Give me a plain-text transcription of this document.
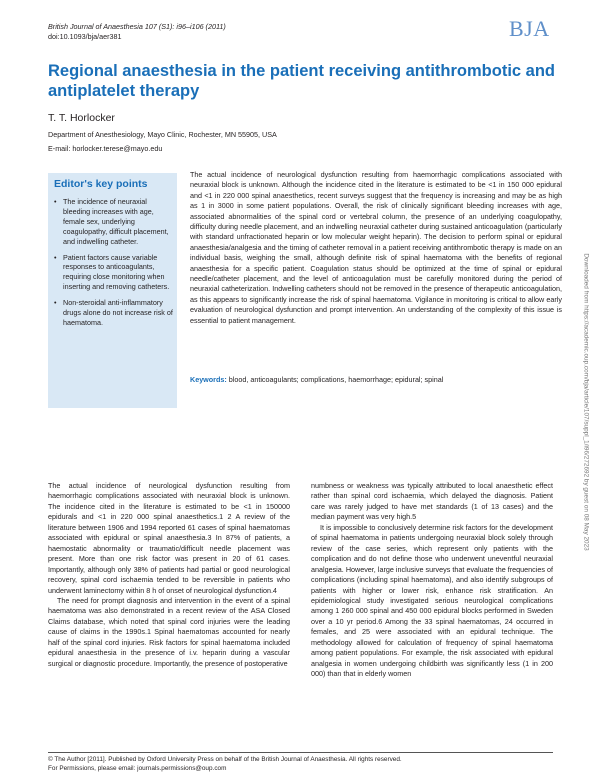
British Journal of Anaesthesia 107 (S1): i96–i106 (2011)
doi:10.1093/bja/aer381	BJA
Regional anaesthesia in the patient receiving antithrombotic and antiplatelet therapy
T. T. Horlocker
Department of Anesthesiology, Mayo Clinic, Rochester, MN 55905, USA
E-mail: horlocker.terese@mayo.edu
Editor's key points
• The incidence of neuraxial bleeding increases with age, female sex, underlying coagulopathy, difficult placement, and indwelling catheter.
• Patient factors cause variable responses to anticoagulants, requiring close monitoring when inserting and removing catheters.
• Non-steroidal anti-inflammatory drugs alone do not increase risk of haematoma.
The actual incidence of neurological dysfunction resulting from haemorrhagic complications associated with neuraxial block is unknown. Although the incidence cited in the literature is estimated to be <1 in 150 000 epidural and <1 in 220 000 spinal anaesthetics, recent surveys suggest that the frequency is increasing and may be as high as 1 in 3000 in some patient populations. Overall, the risk of clinically significant bleeding increases with age, associated abnormalities of the spinal cord or vertebral column, the presence of an underlying coagulopathy, difficulty during needle placement, and an indwelling neuraxial catheter during sustained anticoagulation (particularly with standard unfractionated heparin or low molecular weight heparin). The decision to perform spinal or epidural anaesthesia/analgesia and the timing of catheter removal in a patient receiving antithrombotic therapy is made on an individual basis, weighing the small, although definite risk of spinal haematoma with the benefits of regional anaesthesia for a specific patient. Coagulation status should be optimized at the time of spinal or epidural needle/catheter placement, and the level of anticoagulation must be carefully monitored during the period of neuraxial catheterization. Indwelling catheters should not be removed in the presence of therapeutic anticoagulation, as this appears to significantly increase the risk of spinal haematoma. Vigilance in monitoring is critical to allow early evaluation of neurological dysfunction and prompt intervention. An understanding of the complexity of this issue is essential to patient management.
Keywords: blood, anticoagulants; complications, haemorrhage; epidural; spinal	Downloaded from https://academic.oup.com/bja/article/107/suppl_1/i96/272692 by guest on 08 May 2023

The actual incidence of neurological dysfunction resulting from haemorrhagic complications associated with neuraxial block is unknown. The incidence cited in the literature is estimated to be <1 in 150000 epidurals and <1 in 220 000 spinal anaesthetics.1 2 A review of the literature between 1906 and 1994 reported 61 cases of spinal haematomas associated with epidural or spinal anaesthesia.3 In 87% of patients, a haemostatic abnormality or traumatic/difficult needle placement was present. More than one risk factor was present in 20 of 61 cases. Importantly, although only 38% of patients had partial or good neurological recovery, spinal cord ischaemia tended to be reversible in patients who underwent laminectomy within 8 h of onset of neurological dysfunction.4

The need for prompt diagnosis and intervention in the event of a spinal haematoma was also demonstrated in a recent review of the ASA Closed Claims database, which noted that spinal cord injuries were the leading cause of claims in the 1990s.1 Spinal haematomas accounted for nearly half of the spinal cord injuries. Risk factors for spinal haematoma included epidural anaesthesia in the presence of i.v. heparin during a vascular surgical or diagnostic procedure. Importantly, the presence of postoperative

numbness or weakness was typically attributed to local anaesthetic effect rather than spinal cord ischaemia, which delayed the diagnosis. Patient care was rarely judged to have met standards (1 of 13 cases) and the median payment was very high.5

It is impossible to conclusively determine risk factors for the development of spinal haematoma in patients undergoing neuraxial block solely through review of the case series, which represent only patients with the complication and do not define those who underwent uneventful neuraxial analgesia. However, large inclusive surveys that evaluate the frequencies of complications (including spinal haematoma), and also identify subgroups of patients with higher or lower risk, enhance risk stratification. An epidemiological study investigated serious neurological complications among 1 260 000 spinal and 450 000 epidural blocks performed in Sweden over a 10 yr period.6 Among the 33 spinal haematomas, 24 occurred in females, and 25 were associated with an epidural technique. The methodology allowed for calculation of frequency of spinal haematoma among patient populations. For example, the risk associated with epidural analgesia in women undergoing childbirth was significantly less (1 in 200 000) than that in elderly women

© The Author [2011]. Published by Oxford University Press on behalf of the British Journal of Anaesthesia. All rights reserved.
For Permissions, please email: journals.permissions@oup.com
